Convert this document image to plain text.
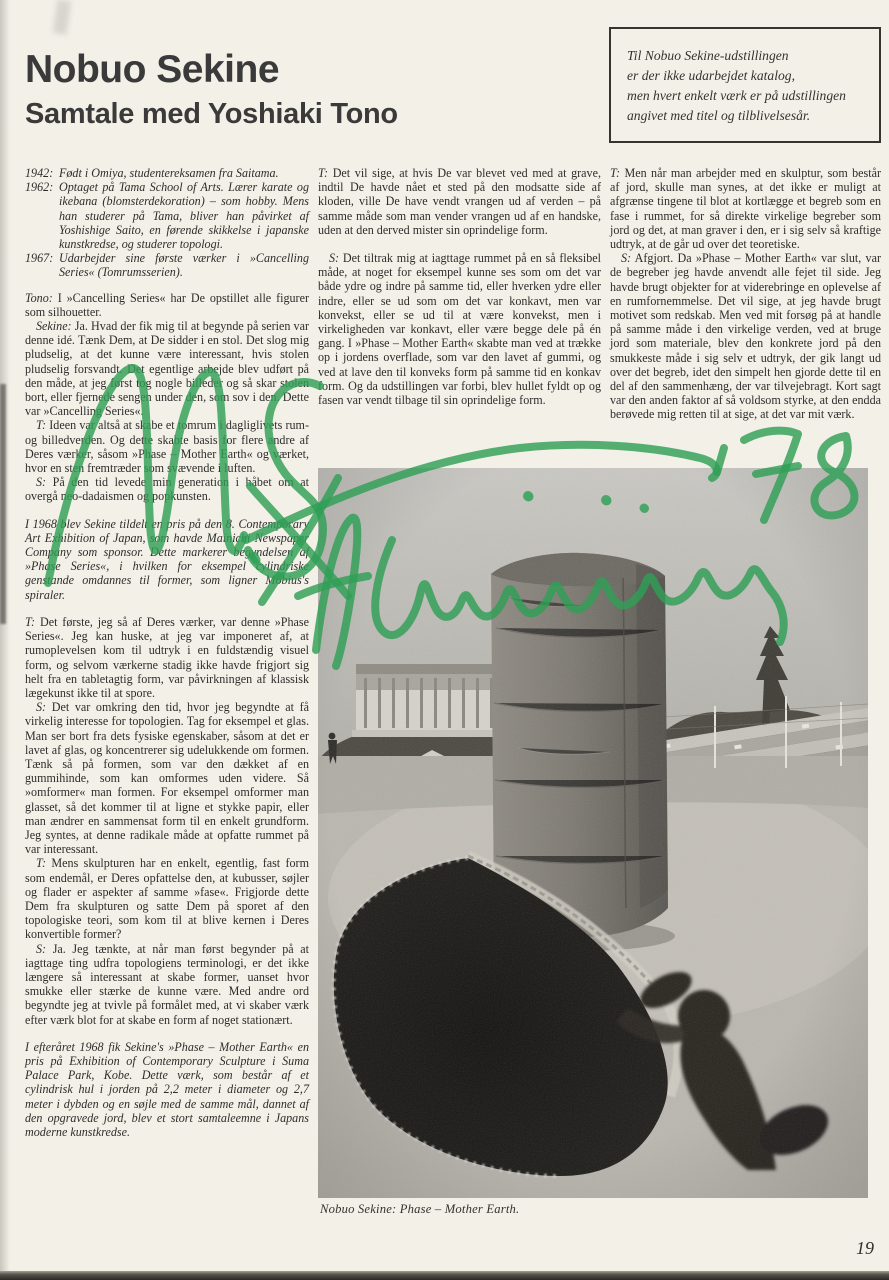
Nobuo Sekine
Samtale med Yoshiaki Tono
Til Nobuo Sekine-udstillingen
er der ikke udarbejdet katalog,
men hvert enkelt værk er på udstillingen
angivet med titel og tilblivelsesår.
1942: Født i Omiya, studentereksamen fra Saitama.
1962: Optaget på Tama School of Arts. Lærer karate og ikebana (blomsterdekoration) – som hobby. Mens han studerer på Tama, bliver han påvirket af Yoshishige Saito, en førende skikkelse i japanske kunstkredse, og studerer topologi.
1967: Udarbejder sine første værker i »Cancelling Series« (Tomrumsserien).

Tono: I »Cancelling Series« har De opstillet alle figurer som silhouetter.

Sekine: Ja. Hvad der fik mig til at begynde på serien var denne idé. Tænk Dem, at De sidder i en stol. Det slog mig pludselig, at det kunne være interessant, hvis stolen pludselig forsvandt. Det egentlige arbejde blev udført på den måde, at jeg først tog nogle billeder og så skar stolen bort, eller fjernede sengen under den, som sov i den. Dette var »Cancelling Series«.

T: Ideen var altså at skabe et tomrum i dagliglivets rum- og billedverden. Og dette skabte basis for flere andre af Deres værker, såsom »Phase – Mother Earth« og værket, hvor en sten fremtræder som svævende i luften.

S: På den tid levede min generation i håbet om at overgå neo-dadaismen og popkunsten.

I 1968 blev Sekine tildelt en pris på den 8. Contemporary Art Exhibition of Japan, som havde Mainichi Newspaper Company som sponsor. Dette markerer begyndelsen af »Phase Series«, i hvilken for eksempel cylindriske genstande omdannes til former, som ligner Möbius's spiraler.

T: Det første, jeg så af Deres værker, var denne »Phase Series«. Jeg kan huske, at jeg var imponeret af, at rumoplevelsen kom til udtryk i en fuldstændig visuel form, og selvom værkerne stadig ikke havde frigjort sig helt fra en tabletagtig form, var påvirkningen af klassisk lægekunst ikke til at spore.

S: Det var omkring den tid, hvor jeg begyndte at få virkelig interesse for topologien. Tag for eksempel et glas. Man ser bort fra dets fysiske egenskaber, såsom at det er lavet af glas, og koncentrerer sig udelukkende om formen. Tænk så på formen, som var den dækket af en gummihinde, som kan omformes uden videre. Så »omformer« man formen. For eksempel omformer man glasset, så det kommer til at ligne et stykke papir, eller man ændrer en sammensat form til en enkelt grundform. Jeg syntes, at denne radikale måde at opfatte rummet på var interessant.

T: Mens skulpturen har en enkelt, egentlig, fast form som endemål, er Deres opfattelse den, at kubusser, søjler og flader er aspekter af samme »fase«. Frigjorde dette Dem fra skulpturen og satte Dem på sporet af den topologiske teori, som kom til at blive kernen i Deres konvertible former?

S: Ja. Jeg tænkte, at når man først begynder på at iagttage ting udfra topologiens terminologi, er det ikke længere så interessant at skabe former, uanset hvor smukke eller stærke de kunne være. Med andre ord begyndte jeg at tvivle på formålet med, at vi skaber værk efter værk blot for at skabe en form af noget stationært.

I efteråret 1968 fik Sekine's »Phase – Mother Earth« en pris på Exhibition of Contemporary Sculpture i Suma Palace Park, Kobe. Dette værk, som består af et cylindrisk hul i jorden på 2,2 meter i diameter og 2,7 meter i dybden og en søjle med de samme mål, dannet af den opgravede jord, blev et stort samtaleemne i Japans moderne kunstkredse.

T: Det vil sige, at hvis De var blevet ved med at grave, indtil De havde nået et sted på den modsatte side af kloden, ville De have vendt vrangen ud af verden – på samme måde som man vender vrangen ud af en handske, uden at den derved mister sin oprindelige form.

S: Det tiltrak mig at iagttage rummet på en så fleksibel måde, at noget for eksempel kunne ses som om det var både ydre og indre på samme tid, eller hverken ydre eller indre, eller se ud som om det var konkavt, men var konvekst, eller se ud til at være konvekst, men i virkeligheden var konkavt, eller være begge dele på én gang. I »Phase – Mother Earth« skabte man ved at trække op i jordens overflade, som var den lavet af gummi, og ved at lave den til konveks form på samme tid en konkav form. Og da udstillingen var forbi, blev hullet fyldt op og fasen var vendt tilbage til sin oprindelige form.

T: Men når man arbejder med en skulptur, som består af jord, skulle man synes, at det ikke er muligt at afgrænse tingene til blot at kortlægge et begreb som en fase i rummet, for så direkte virkelige begreber som jord og det, at man graver i den, er i sig selv så kraftige udtryk, at de går ud over det teoretiske.

S: Afgjort. Da »Phase – Mother Earth« var slut, var de begreber jeg havde anvendt alle fejet til side. Jeg havde brugt objekter for at viderebringe en oplevelse af en rumfornemmelse. Det vil sige, at jeg havde brugt motivet som redskab. Men ved mit forsøg på at handle på samme måde i den virkelige verden, ved at bruge jord som materiale, blev den konkrete jord på den smukkeste måde i sig selv et udtryk, der gik langt ud over det begreb, idet den simpelt hen gjorde dette til en del af den sammenhæng, der var tilvejebragt. Kort sagt var den anden faktor af så voldsom styrke, at den endda berøvede mig retten til at sige, at det var mit værk.

Nobuo Sekine: Phase – Mother Earth.
19
